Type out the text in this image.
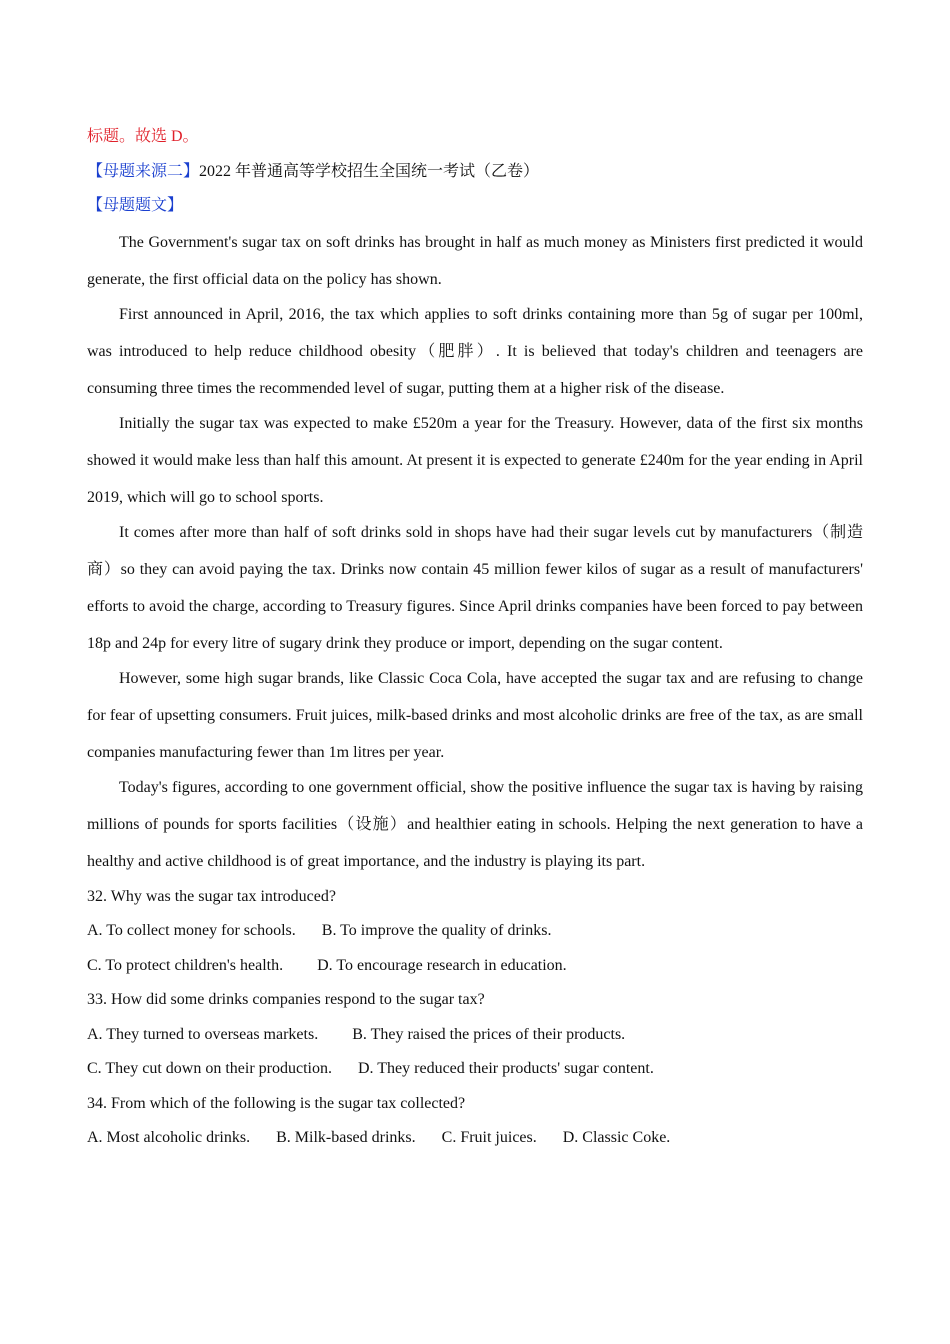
标题。故选 D。
【母题来源二】2022 年普通高等学校招生全国统一考试（乙卷）
【母题题文】

The Government's sugar tax on soft drinks has brought in half as much money as Ministers first predicted it would generate, the first official data on the policy has shown.

First announced in April, 2016, the tax which applies to soft drinks containing more than 5g of sugar per 100ml, was introduced to help reduce childhood obesity（肥胖）. It is believed that today's children and teenagers are consuming three times the recommended level of sugar, putting them at a higher risk of the disease.

Initially the sugar tax was expected to make £520m a year for the Treasury. However, data of the first six months showed it would make less than half this amount. At present it is expected to generate £240m for the year ending in April 2019, which will go to school sports.

It comes after more than half of soft drinks sold in shops have had their sugar levels cut by manufacturers（制造商）so they can avoid paying the tax. Drinks now contain 45 million fewer kilos of sugar as a result of manufacturers' efforts to avoid the charge, according to Treasury figures. Since April drinks companies have been forced to pay between 18p and 24p for every litre of sugary drink they produce or import, depending on the sugar content.

However, some high sugar brands, like Classic Coca Cola, have accepted the sugar tax and are refusing to change for fear of upsetting consumers. Fruit juices, milk-based drinks and most alcoholic drinks are free of the tax, as are small companies manufacturing fewer than 1m litres per year.

Today's figures, according to one government official, show the positive influence the sugar tax is having by raising millions of pounds for sports facilities（设施）and healthier eating in schools. Helping the next generation to have a healthy and active childhood is of great importance, and the industry is playing its part.

32. Why was the sugar tax introduced?
A. To collect money for schools. B. To improve the quality of drinks.
C. To protect children's health. D. To encourage research in education.
33. How did some drinks companies respond to the sugar tax?
A. They turned to overseas markets. B. They raised the prices of their products.
C. They cut down on their production. D. They reduced their products' sugar content.
34. From which of the following is the sugar tax collected?
A. Most alcoholic drinks. B. Milk-based drinks. C. Fruit juices. D. Classic Coke.
